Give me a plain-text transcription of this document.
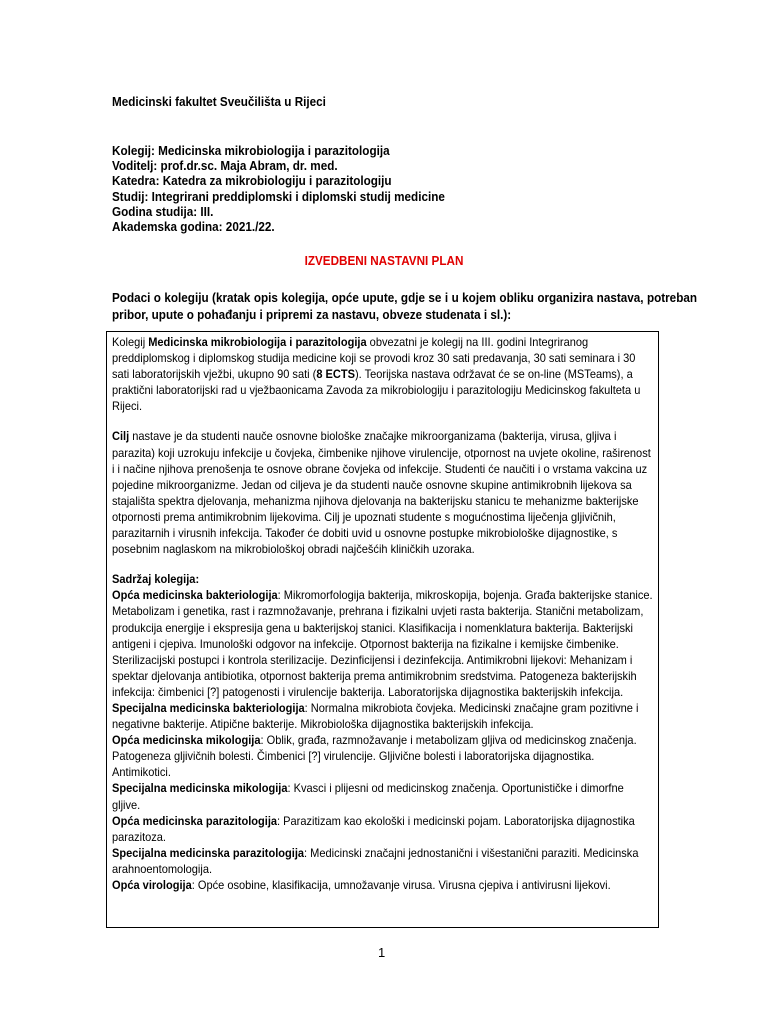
Medicinski fakultet Sveučilišta u Rijeci
Kolegij: Medicinska mikrobiologija i parazitologija
Voditelj: prof.dr.sc. Maja Abram, dr. med.
Katedra: Katedra za mikrobiologiju i parazitologiju
Studij: Integrirani preddiplomski i diplomski studij medicine
Godina studija: III.
Akademska godina: 2021./22.
IZVEDBENI NASTAVNI PLAN
Podaci o kolegiju (kratak opis kolegija, opće upute, gdje se i u kojem obliku organizira nastava, potreban pribor, upute o pohađanju i pripremi za nastavu, obveze studenata i sl.):

Kolegij Medicinska mikrobiologija i parazitologija obvezatni je kolegij na III. godini Integriranog preddiplomskog i diplomskog studija medicine koji se provodi kroz 30 sati predavanja, 30 sati seminara i 30 sati laboratorijskih vježbi, ukupno 90 sati (8 ECTS). Teorijska nastava održavat će se on-line (MSTeams), a praktični laboratorijski rad u vježbaonicama Zavoda za mikrobiologiju i parazitologiju Medicinskog fakulteta u Rijeci.

Cilj nastave je da studenti nauče osnovne biološke značajke mikroorganizama (bakterija, virusa, gljiva i parazita) koji uzrokuju infekcije u čovjeka, čimbenike njihove virulencije, otpornost na uvjete okoline, raširenost i i načine njihova prenošenja te osnove obrane čovjeka od infekcije. Studenti će naučiti i o vrstama vakcina uz pojedine mikroorganizme. Jedan od ciljeva je da studenti nauče osnovne skupine antimikrobnih lijekova sa stajališta spektra djelovanja, mehanizma njihova djelovanja na bakterijsku stanicu te mehanizme bakterijske otpornosti prema antimikrobnim lijekovima. Cilj je upoznati studente s mogućnostima liječenja gljivičnih, parazitarnih i virusnih infekcija. Također će dobiti uvid u osnovne postupke mikrobiološke dijagnostike, s posebnim naglaskom na mikrobiološkoj obradi najčešćih kliničkih uzoraka.

Sadržaj kolegija:

Opća medicinska bakteriologija: Mikromorfologija bakterija, mikroskopija, bojenja. Građa bakterijske stanice. Metabolizam i genetika, rast i razmnožavanje, prehrana i fizikalni uvjeti rasta bakterija. Stanični metabolizam, produkcija energije i ekspresija gena u bakterijskoj stanici. Klasifikacija i nomenklatura bakterija. Bakterijski antigeni i cjepiva. Imunološki odgovor na infekcije. Otpornost bakterija na fizikalne i kemijske čimbenike. Sterilizacijski postupci i kontrola sterilizacije. Dezinficijensi i dezinfekcija. Antimikrobni lijekovi: Mehanizam i spektar djelovanja antibiotika, otpornost bakterija prema antimikrobnim sredstvima. Patogeneza bakterijskih infekcija: čimbenici [?] patogenosti i virulencije bakterija. Laboratorijska dijagnostika bakterijskih infekcija.

Specijalna medicinska bakteriologija: Normalna mikrobiota čovjeka. Medicinski značajne gram pozitivne i negativne bakterije. Atipične bakterije. Mikrobiološka dijagnostika bakterijskih infekcija.

Opća medicinska mikologija: Oblik, građa, razmnožavanje i metabolizam gljiva od medicinskog značenja. Patogeneza gljivičnih bolesti. Čimbenici [?] virulencije. Gljivične bolesti i laboratorijska dijagnostika. Antimikotici.

Specijalna medicinska mikologija: Kvasci i plijesni od medicinskog značenja. Oportunističke i dimorfne gljive.

Opća medicinska parazitologija: Parazitizam kao ekološki i medicinski pojam. Laboratorijska dijagnostika parazitoza.

Specijalna medicinska parazitologija: Medicinski značajni jednostanični i višestanični paraziti. Medicinska arahnoentomologija.

Opća virologija: Opće osobine, klasifikacija, umnožavanje virusa. Virusna cjepiva i antivirusni lijekovi.

1
